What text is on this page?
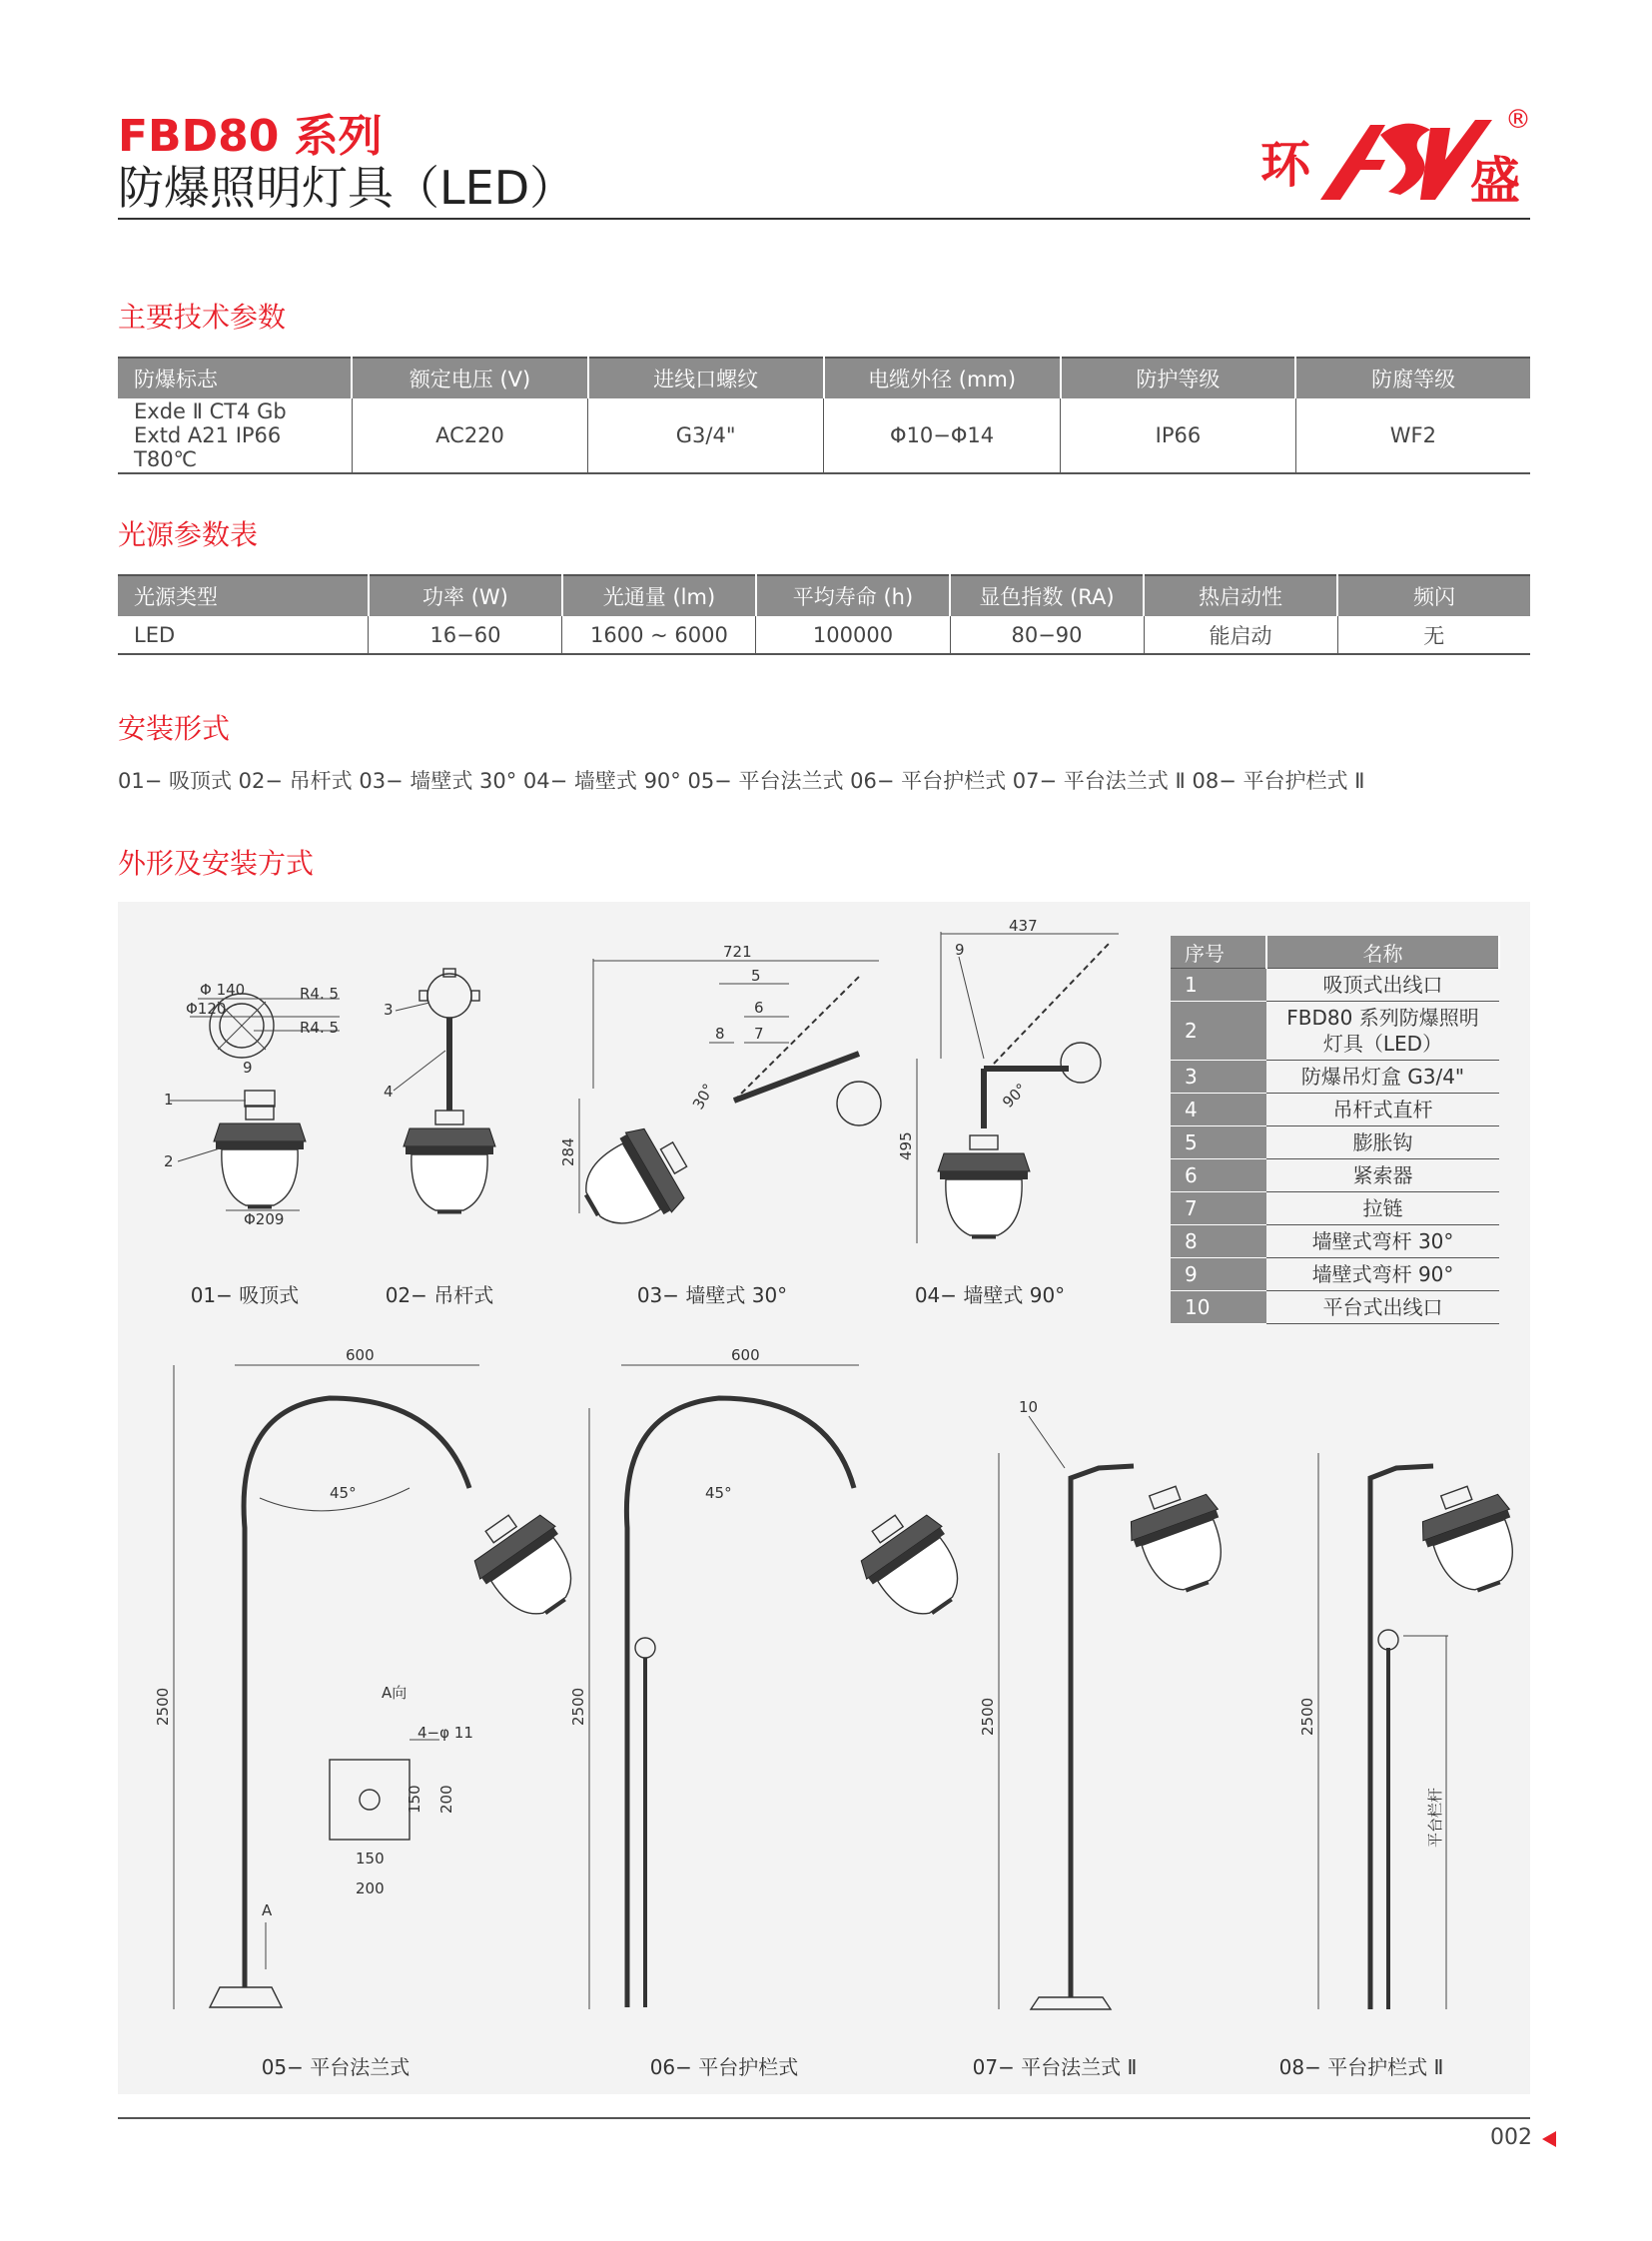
FBD80 系列
防爆照明灯具（LED）	环	盛
®
主要技术参数
防爆标志	额定电压 (V)	进线口螺纹	电缆外径 (mm)	防护等级	防腐等级

Exde Ⅱ CT4 Gb
Extd A21 IP66 T80℃	AC220	G3/4"	Φ10−Φ14	IP66	WF2
光源参数表
光源类型	功率 (W)	光通量 (lm)	平均寿命 (h)	显色指数 (RA)	热启动性	频闪
LED	16−60	1600 ~ 6000	100000	80−90	能启动	无
安装形式
01− 吸顶式 02− 吊杆式 03− 墙壁式 30° 04− 墙壁式 90° 05− 平台法兰式 06− 平台护栏式 07− 平台法兰式 Ⅱ 08− 平台护栏式 Ⅱ
外形及安装方式
Φ 140
Φ120
R4. 5
R4. 5
9
1
2
Φ209
3
4
721
284
30°
5
6
7
8
437
495
90°
9
600
2500
45°
A
A向
4−φ 11
150 200
150
200
600
2500
45°
2500
10
平台栏杆
2500
01− 吸顶式	02− 吊杆式	03− 墙壁式 30°	04− 墙壁式 90°
05− 平台法兰式	06− 平台护栏式	07− 平台法兰式 Ⅱ	08− 平台护栏式 Ⅱ
序号	名称
1	吸顶式出线口
2	FBD80 系列防爆照明灯具（LED）
3	防爆吊灯盒 G3/4"
4	吊杆式直杆
5	膨胀钩
6	紧索器
7	拉链
8	墙壁式弯杆 30°
9	墙壁式弯杆 90°
10	平台式出线口
002
